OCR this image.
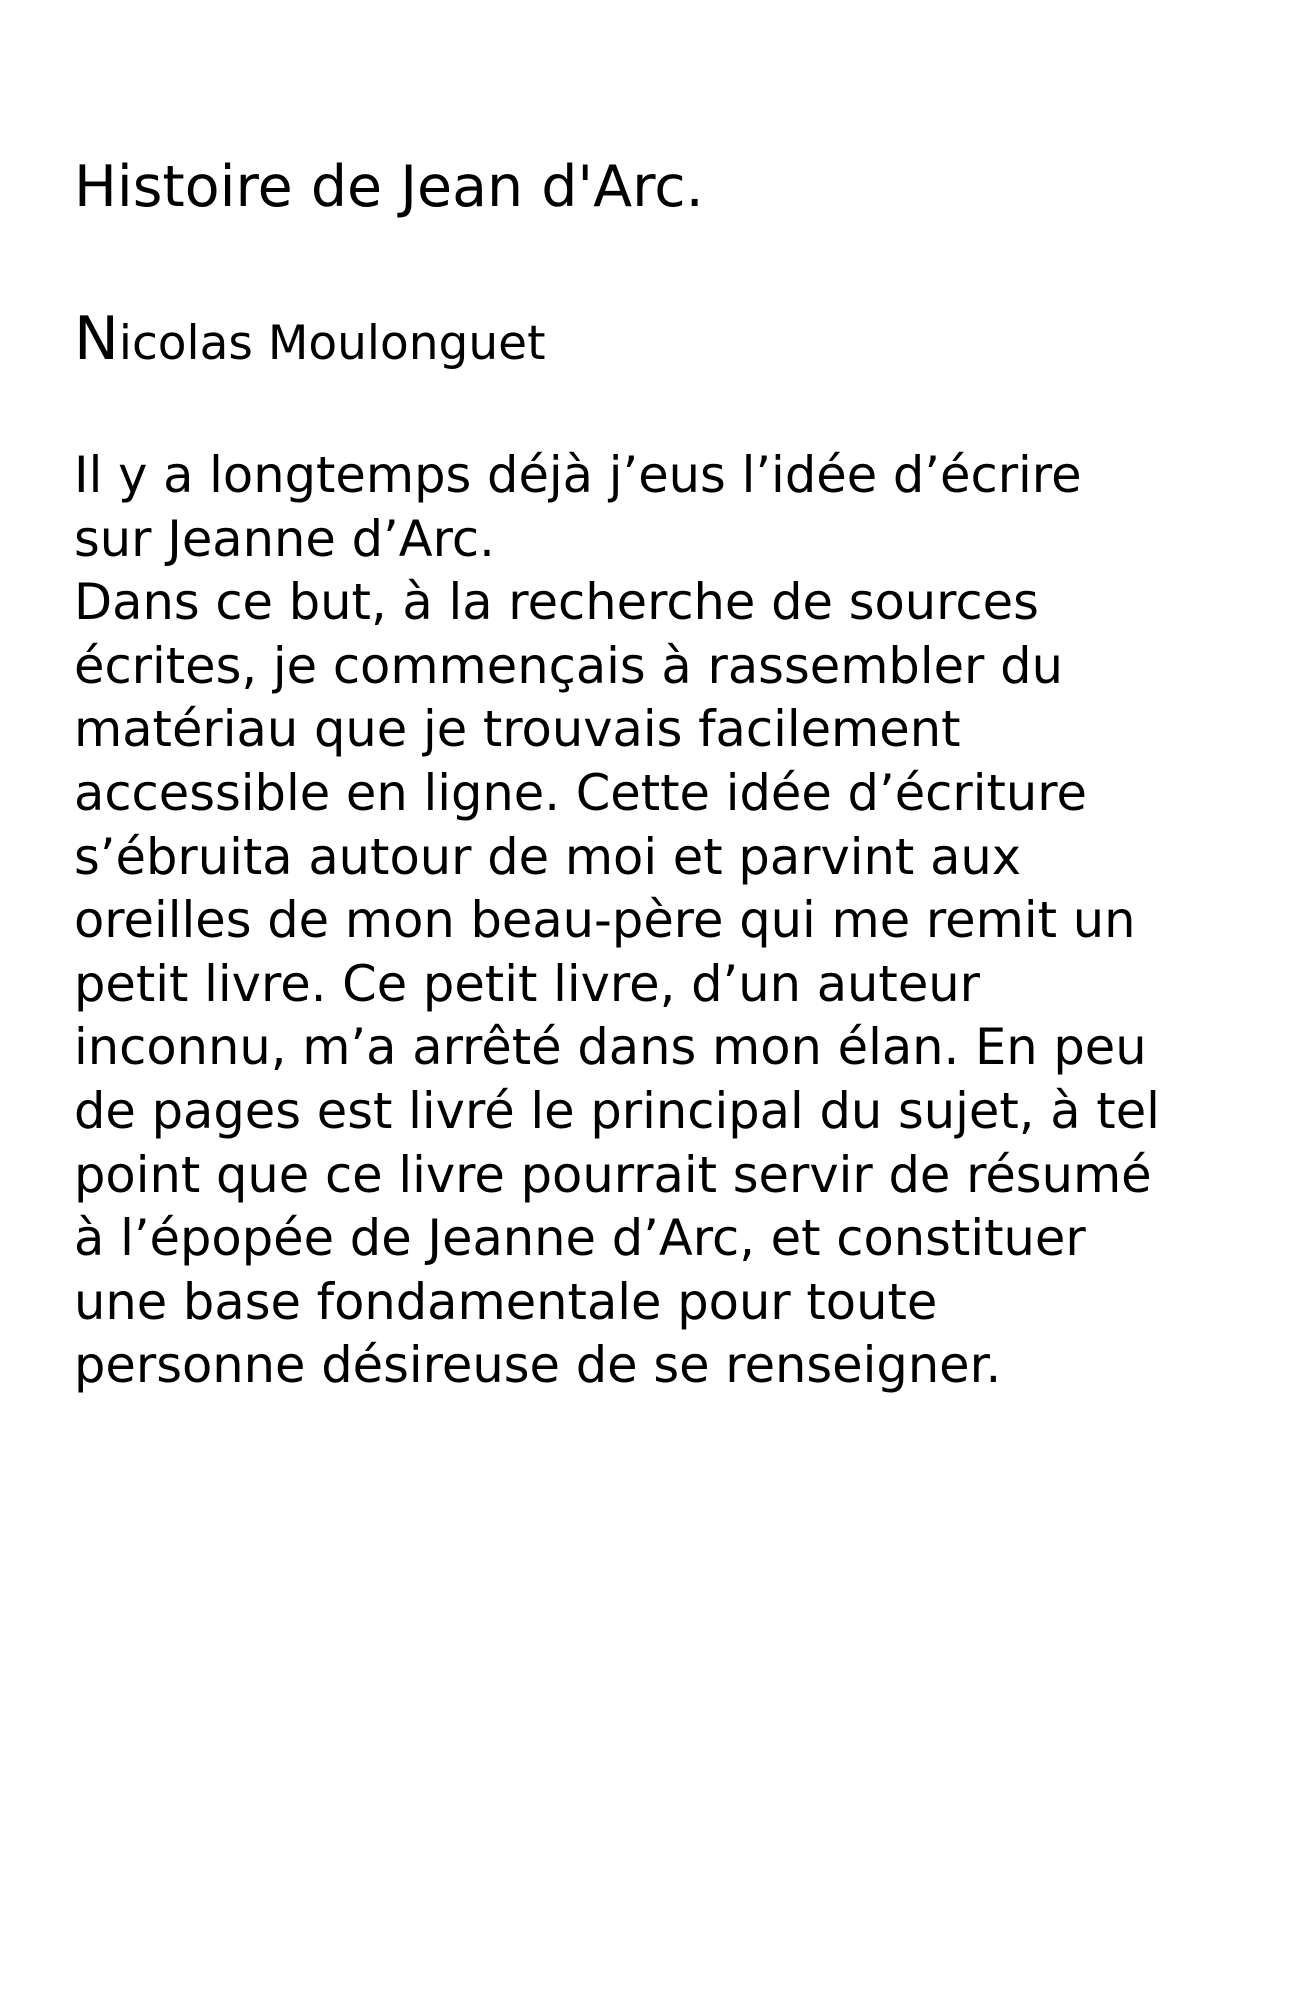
Histoire de Jean d'Arc.
Nicolas Moulonguet
Il y a longtemps déjà j’eus l’idée d’écrire
sur Jeanne d’Arc.
Dans ce but, à la recherche de sources
écrites, je commençais à rassembler du
matériau que je trouvais facilement
accessible en ligne. Cette idée d’écriture
s’ébruita autour de moi et parvint aux
oreilles de mon beau-père qui me remit un
petit livre. Ce petit livre, d’un auteur
inconnu, m’a arrêté dans mon élan. En peu
de pages est livré le principal du sujet, à tel
point que ce livre pourrait servir de résumé
à l’épopée de Jeanne d’Arc, et constituer
une base fondamentale pour toute
personne désireuse de se renseigner.
